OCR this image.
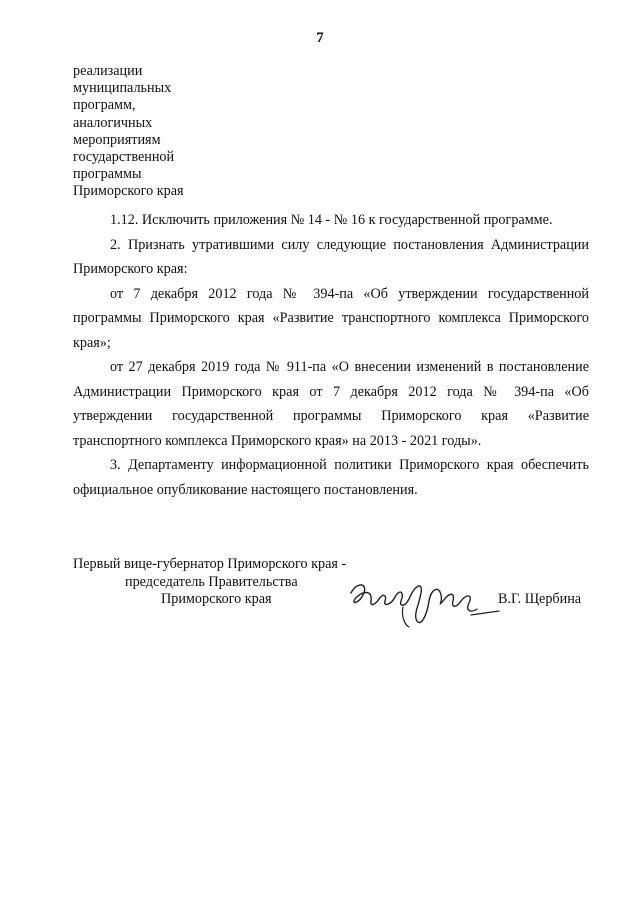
7
реализации
муниципальных
программ,
аналогичных
мероприятиям
государственной
программы
Приморского края

1.12. Исключить приложения № 14 - № 16 к государственной программе.

2. Признать утратившими силу следующие постановления Администрации Приморского края:

от 7 декабря 2012 года № 394-па «Об утверждении государственной программы Приморского края «Развитие транспортного комплекса Приморского края»;

от 27 декабря 2019 года № 911-па «О внесении изменений в постановление Администрации Приморского края от 7 декабря 2012 года № 394-па «Об утверждении государственной программы Приморского края «Развитие транспортного комплекса Приморского края» на 2013 - 2021 годы».

3. Департаменту информационной политики Приморского края обеспечить официальное опубликование настоящего постановления.

Первый вице-губернатор Приморского края -
председатель Правительства
Приморского края	В.Г. Щербина
